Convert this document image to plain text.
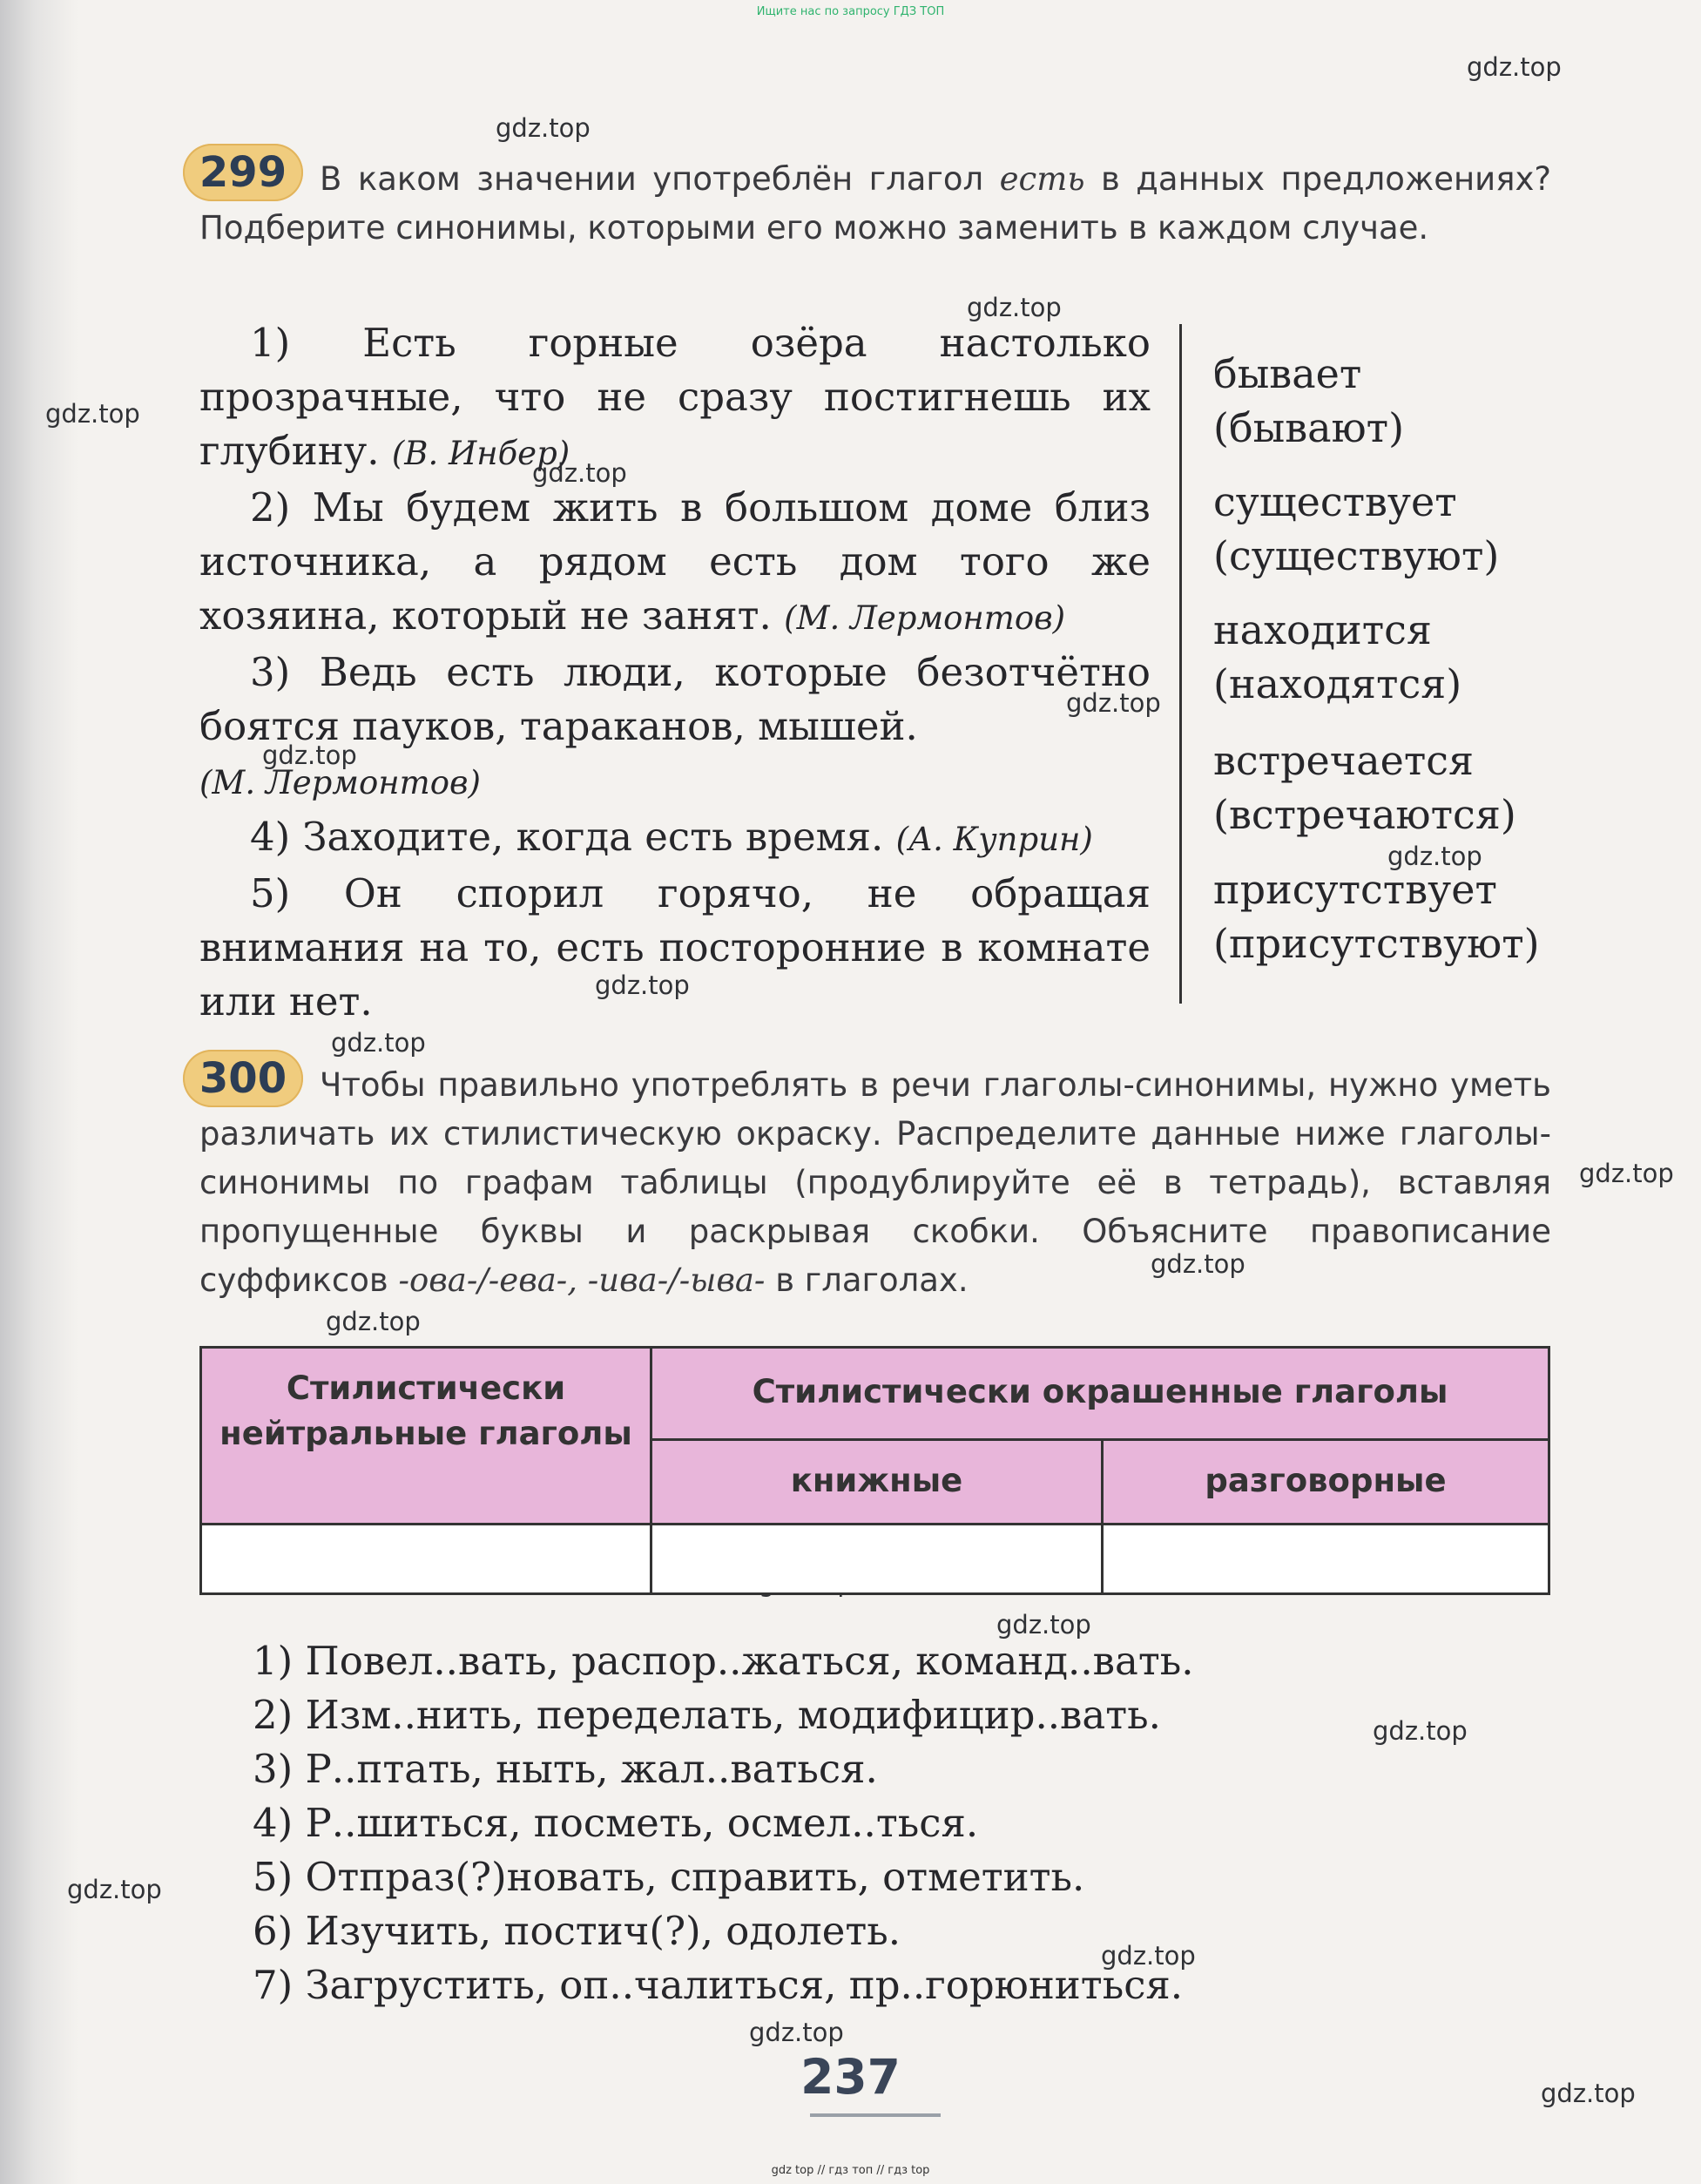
Ищите нас по запросу ГДЗ ТОП
gdz.top
gdz.top
gdz.top
gdz.top
gdz.top
gdz.top
gdz.top
gdz.top
gdz.top
gdz.top
gdz.top
gdz.top
gdz.top
gdz.top
gdz.top
gdz.top
gdz.top
gdz.top
gdz.top
299	В каком значении употреблён глагол есть в данных предложениях? Подберите синонимы, которыми его можно заменить в каждом случае.

1) Есть горные озёра настолько прозрачные, что не сразу постигнешь их глубину. (В. Инбер)

2) Мы будем жить в большом доме близ источника, а рядом есть дом того же хозяина, который не занят. (М. Лермонтов)

3) Ведь есть люди, которые безотчётно боятся пауков, тараканов, мышей.

(М. Лермонтов)

4) Заходите, когда есть время. (А. Куприн)

5) Он спорил горячо, не обращая внимания на то, есть посторонние в комнате или нет.

бывает
(бывают)
существует
(существуют)
находится
(находятся)
встречается
(встречаются)
присутствует
(присутствуют)
300	Чтобы правильно употреблять в речи глаголы-синонимы, нужно уметь различать их стилистическую окраску. Распределите данные ниже глаголы-синонимы по графам таблицы (продублируйте её в тетрадь), вставляя пропущенные буквы и раскрывая скобки. Объясните правописание суффиксов -ова-/-ева-, -ива-/-ыва- в глаголах.

Стилистически нейтральные глаголы
Стилистически окрашенные глаголы
книжные	разговорные
1) Повел..вать, распор..жаться, команд..вать.
2) Изм..нить, переделать, модифицир..вать.
3) Р..птать, ныть, жал..ваться.
4) Р..шиться, посметь, осмел..ться.
5) Отпраз(?)новать, справить, отметить.
6) Изучить, постич(?), одолеть.
7) Загрустить, оп..чалиться, пр..горюниться.
237
gdz top // гдз топ // гдз top
